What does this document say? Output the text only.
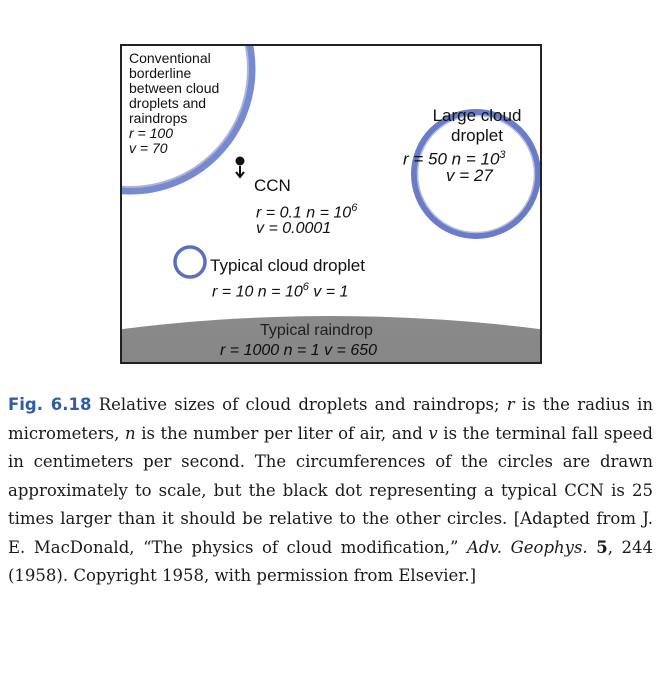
Conventional
borderline
between cloud
droplets and
raindrops
r = 100
v = 70
Large cloud
droplet
r = 50 $n = 10^3$
v = 27
CCN
r = 0.1 $n = 10^6$
v = 0.0001
Typical cloud droplet
r = 10 $n = 10^6$ v = 1
Typical raindrop
r = 1000 n = 1 v = 650
Fig. 6.18 Relative sizes of cloud droplets and raindrops; r is the radius in micrometers, n is the number per liter of air, and v is the terminal fall speed in centimeters per second. The circumferences of the circles are drawn approximately to scale, but the black dot representing a typical CCN is 25 times larger than it should be relative to the other circles. [Adapted from J. E. MacDonald, “The physics of cloud modification,” Adv. Geophys. 5, 244 (1958). Copyright 1958, with permission from Elsevier.]
